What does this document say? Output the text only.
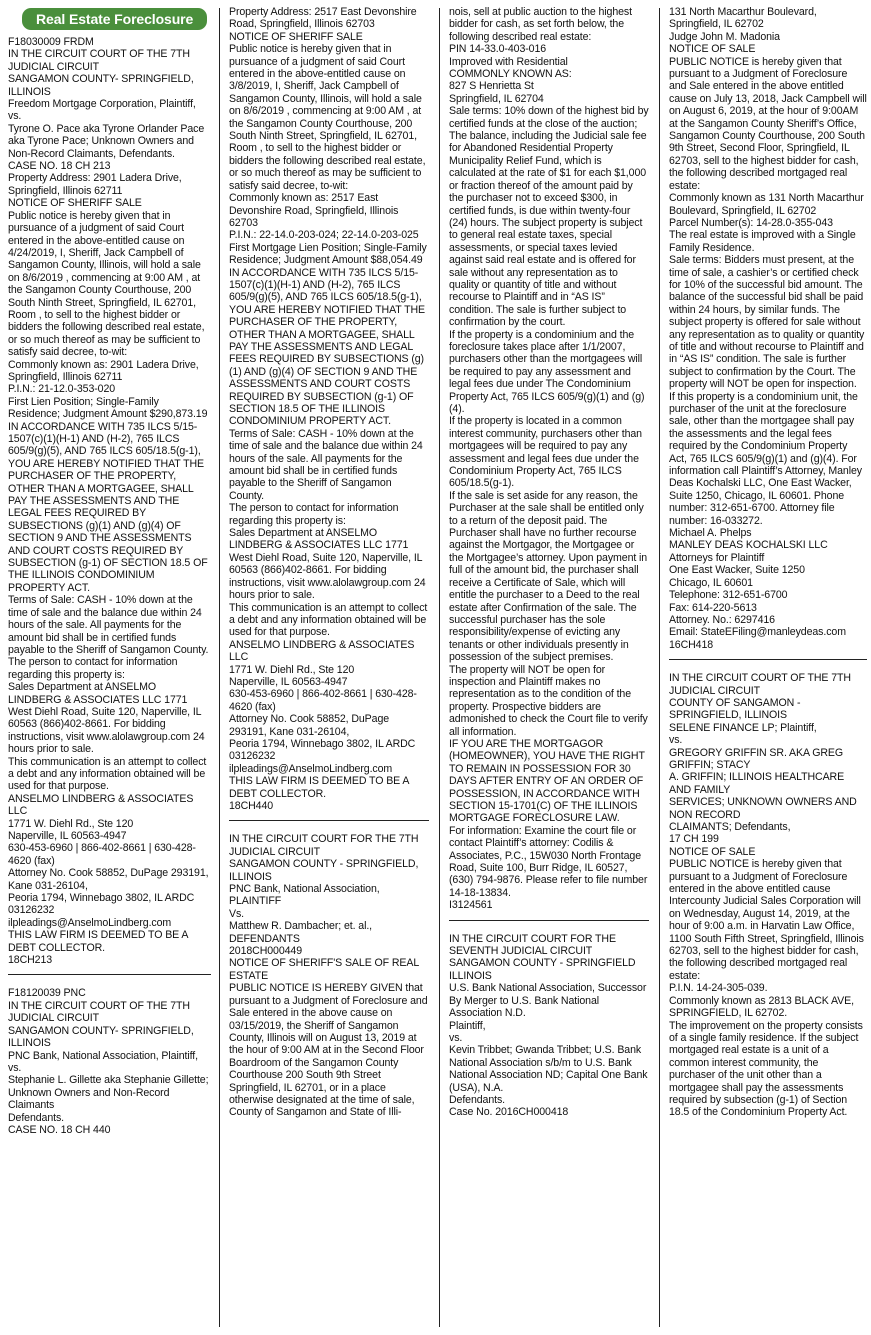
Real Estate Foreclosure

F18030009 FRDM
IN THE CIRCUIT COURT OF THE 7TH JUDICIAL CIRCUIT
SANGAMON COUNTY- SPRINGFIELD, ILLINOIS
Freedom Mortgage Corporation, Plaintiff,
vs.
Tyrone O. Pace aka Tyrone Orlander Pace aka Tyrone Pace; Unknown Owners and Non-Record Claimants, Defendants.
CASE NO. 18 CH 213
Property Address: 2901 Ladera Drive, Springfield, Illinois 62711
NOTICE OF SHERIFF SALE
Public notice is hereby given that in pursuance of a judgment of said Court entered in the above-entitled cause on 4/24/2019, I, Sheriff, Jack Campbell of Sangamon County, Illinois, will hold a sale on 8/6/2019 , commencing at 9:00 AM , at the Sangamon County Courthouse, 200 South Ninth Street, Springfield, IL 62701, Room , to sell to the highest bidder or bidders the following described real estate, or so much thereof as may be sufficient to satisfy said decree, to-wit:
Commonly known as: 2901 Ladera Drive, Springfield, Illinois 62711
P.I.N.: 21-12.0-353-020
First Lien Position; Single-Family Residence; Judgment Amount $290,873.19
IN ACCORDANCE WITH 735 ILCS 5/15-1507(c)(1)(H-1) AND (H-2), 765 ILCS 605/9(g)(5), AND 765 ILCS 605/18.5(g-1), YOU ARE HEREBY NOTIFIED THAT THE PURCHASER OF THE PROPERTY, OTHER THAN A MORTGAGEE, SHALL PAY THE ASSESSMENTS AND THE LEGAL FEES REQUIRED BY SUBSECTIONS (g)(1) AND (g)(4) OF SECTION 9 AND THE ASSESSMENTS AND COURT COSTS REQUIRED BY SUBSECTION (g-1) OF SECTION 18.5 OF THE ILLINOIS CONDOMINIUM PROPERTY ACT.
Terms of Sale: CASH - 10% down at the time of sale and the balance due within 24 hours of the sale. All payments for the amount bid shall be in certified funds payable to the Sheriff of Sangamon County.
The person to contact for information regarding this property is:
Sales Department at ANSELMO LINDBERG & ASSOCIATES LLC 1771 West Diehl Road, Suite 120, Naperville, IL 60563 (866)402-8661. For bidding instructions, visit www.alolawgroup.com 24 hours prior to sale.
This communication is an attempt to collect a debt and any information obtained will be used for that purpose.
ANSELMO LINDBERG & ASSOCIATES LLC
1771 W. Diehl Rd., Ste 120
Naperville, IL 60563-4947
630-453-6960 | 866-402-8661 | 630-428-4620 (fax)
Attorney No. Cook 58852, DuPage 293191, Kane 031-26104,
Peoria 1794, Winnebago 3802, IL ARDC 03126232
ilpleadings@AnselmoLindberg.com
THIS LAW FIRM IS DEEMED TO BE A DEBT COLLECTOR.
18CH213

F18120039 PNC
IN THE CIRCUIT COURT OF THE 7TH JUDICIAL CIRCUIT
SANGAMON COUNTY- SPRINGFIELD, ILLINOIS
PNC Bank, National Association, Plaintiff,
vs.
Stephanie L. Gillette aka Stephanie Gillette; Unknown Owners and Non-Record Claimants
Defendants.
CASE NO. 18 CH 440

Property Address: 2517 East Devonshire Road, Springfield, Illinois 62703
NOTICE OF SHERIFF SALE
Public notice is hereby given that in pursuance of a judgment of said Court entered in the above-entitled cause on 3/8/2019, I, Sheriff, Jack Campbell of Sangamon County, Illinois, will hold a sale on 8/6/2019 , commencing at 9:00 AM , at the Sangamon County Courthouse, 200 South Ninth Street, Springfield, IL 62701, Room , to sell to the highest bidder or bidders the following described real estate, or so much thereof as may be sufficient to satisfy said decree, to-wit:
Commonly known as: 2517 East Devonshire Road, Springfield, Illinois 62703
P.I.N.: 22-14.0-203-024; 22-14.0-203-025
First Mortgage Lien Position; Single-Family Residence; Judgment Amount $88,054.49
IN ACCORDANCE WITH 735 ILCS 5/15-1507(c)(1)(H-1) AND (H-2), 765 ILCS 605/9(g)(5), AND 765 ILCS 605/18.5(g-1), YOU ARE HEREBY NOTIFIED THAT THE PURCHASER OF THE PROPERTY, OTHER THAN A MORTGAGEE, SHALL PAY THE ASSESSMENTS AND LEGAL FEES REQUIRED BY SUBSECTIONS (g)(1) AND (g)(4) OF SECTION 9 AND THE ASSESSMENTS AND COURT COSTS REQUIRED BY SUBSECTION (g-1) OF SECTION 18.5 OF THE ILLINOIS CONDOMINIUM PROPERTY ACT.
Terms of Sale: CASH - 10% down at the time of sale and the balance due within 24 hours of the sale. All payments for the amount bid shall be in certified funds payable to the Sheriff of Sangamon County.
The person to contact for information regarding this property is:
Sales Department at ANSELMO LINDBERG & ASSOCIATES LLC 1771 West Diehl Road, Suite 120, Naperville, IL 60563 (866)402-8661. For bidding instructions, visit www.alolawgroup.com 24 hours prior to sale.
This communication is an attempt to collect a debt and any information obtained will be used for that purpose.
ANSELMO LINDBERG & ASSOCIATES LLC
1771 W. Diehl Rd., Ste 120
Naperville, IL 60563-4947
630-453-6960 | 866-402-8661 | 630-428-4620 (fax)
Attorney No. Cook 58852, DuPage 293191, Kane 031-26104,
Peoria 1794, Winnebago 3802, IL ARDC 03126232
ilpleadings@AnselmoLindberg.com
THIS LAW FIRM IS DEEMED TO BE A DEBT COLLECTOR.
18CH440

IN THE CIRCUIT COURT FOR THE 7TH JUDICIAL CIRCUIT
SANGAMON COUNTY - SPRINGFIELD, ILLINOIS
PNC Bank, National Association, PLAINTIFF
Vs.
Matthew R. Dambacher; et. al., DEFENDANTS
2018CH000449
NOTICE OF SHERIFF'S SALE OF REAL ESTATE
PUBLIC NOTICE IS HEREBY GIVEN that pursuant to a Judgment of Foreclosure and Sale entered in the above cause on 03/15/2019, the Sheriff of Sangamon County, Illinois will on August 13, 2019 at the hour of 9:00 AM at in the Second Floor Boardroom of the Sangamon County Courthouse 200 South 9th Street Springfield, IL 62701, or in a place otherwise designated at the time of sale, County of Sangamon and State of Illi-

nois, sell at public auction to the highest bidder for cash, as set forth below, the following described real estate:
PIN 14-33.0-403-016
Improved with Residential
COMMONLY KNOWN AS:
827 S Henrietta St
Springfield, IL 62704
Sale terms: 10% down of the highest bid by certified funds at the close of the auction; The balance, including the Judicial sale fee for Abandoned Residential Property Municipality Relief Fund, which is calculated at the rate of $1 for each $1,000 or fraction thereof of the amount paid by the purchaser not to exceed $300, in certified funds, is due within twenty-four (24) hours. The subject property is subject to general real estate taxes, special assessments, or special taxes levied against said real estate and is offered for sale without any representation as to quality or quantity of title and without recourse to Plaintiff and in “AS IS” condition. The sale is further subject to confirmation by the court.
If the property is a condominium and the foreclosure takes place after 1/1/2007, purchasers other than the mortgagees will be required to pay any assessment and legal fees due under The Condominium Property Act, 765 ILCS 605/9(g)(1) and (g)(4).
If the property is located in a common interest community, purchasers other than mortgagees will be required to pay any assessment and legal fees due under the Condominium Property Act, 765 ILCS 605/18.5(g-1).
If the sale is set aside for any reason, the Purchaser at the sale shall be entitled only to a return of the deposit paid. The Purchaser shall have no further recourse against the Mortgagor, the Mortgagee or the Mortgagee’s attorney. Upon payment in full of the amount bid, the purchaser shall receive a Certificate of Sale, which will entitle the purchaser to a Deed to the real estate after Confirmation of the sale. The successful purchaser has the sole responsibility/expense of evicting any tenants or other individuals presently in possession of the subject premises.
The property will NOT be open for inspection and Plaintiff makes no representation as to the condition of the property. Prospective bidders are admonished to check the Court file to verify all information.
IF YOU ARE THE MORTGAGOR (HOMEOWNER), YOU HAVE THE RIGHT TO REMAIN IN POSSESSION FOR 30 DAYS AFTER ENTRY OF AN ORDER OF POSSESSION, IN ACCORDANCE WITH SECTION 15-1701(C) OF THE ILLINOIS MORTGAGE FORECLOSURE LAW.
For information: Examine the court file or contact Plaintiff’s attorney: Codilis & Associates, P.C., 15W030 North Frontage Road, Suite 100, Burr Ridge, IL 60527, (630) 794-9876. Please refer to file number 14-18-13834.
I3124561

IN THE CIRCUIT COURT FOR THE SEVENTH JUDICIAL CIRCUIT
SANGAMON COUNTY - SPRINGFIELD ILLINOIS
U.S. Bank National Association, Successor By Merger to U.S. Bank National Association N.D.
Plaintiff,
vs.
Kevin Tribbet; Gwanda Tribbet; U.S. Bank National Association s/b/m to U.S. Bank National Association ND; Capital One Bank (USA), N.A.
Defendants.
Case No. 2016CH000418

131 North Macarthur Boulevard, Springfield, IL 62702
Judge John M. Madonia
NOTICE OF SALE
PUBLIC NOTICE is hereby given that pursuant to a Judgment of Foreclosure and Sale entered in the above entitled cause on July 13, 2018, Jack Campbell will on August 6, 2019, at the hour of 9:00AM at the Sangamon County Sheriff’s Office, Sangamon County Courthouse, 200 South 9th Street, Second Floor, Springfield, IL 62703, sell to the highest bidder for cash, the following described mortgaged real estate:
Commonly known as 131 North Macarthur Boulevard, Springfield, IL 62702
Parcel Number(s): 14-28.0-355-043
The real estate is improved with a Single Family Residence.
Sale terms: Bidders must present, at the time of sale, a cashier’s or certified check for 10% of the successful bid amount. The balance of the successful bid shall be paid within 24 hours, by similar funds. The subject property is offered for sale without any representation as to quality or quantity of title and without recourse to Plaintiff and in “AS IS” condition. The sale is further subject to confirmation by the Court. The property will NOT be open for inspection.
If this property is a condominium unit, the purchaser of the unit at the foreclosure sale, other than the mortgagee shall pay the assessments and the legal fees required by the Condominium Property Act, 765 ILCS 605/9(g)(1) and (g)(4). For information call Plaintiff’s Attorney, Manley Deas Kochalski LLC, One East Wacker, Suite 1250, Chicago, IL 60601. Phone number: 312-651-6700. Attorney file number: 16-033272.
Michael A. Phelps
MANLEY DEAS KOCHALSKI LLC
Attorneys for Plaintiff
One East Wacker, Suite 1250
Chicago, IL 60601
Telephone: 312-651-6700
Fax: 614-220-5613
Attorney. No.: 6297416
Email: StateEFiling@manleydeas.com
16CH418

IN THE CIRCUIT COURT OF THE 7TH JUDICIAL CIRCUIT
COUNTY OF SANGAMON - SPRINGFIELD, ILLINOIS
SELENE FINANCE LP; Plaintiff,
vs.
GREGORY GRIFFIN SR. AKA GREG GRIFFIN; STACY
A. GRIFFIN; ILLINOIS HEALTHCARE AND FAMILY
SERVICES; UNKNOWN OWNERS AND NON RECORD
CLAIMANTS; Defendants,
17 CH 199
NOTICE OF SALE
PUBLIC NOTICE is hereby given that pursuant to a Judgment of Foreclosure entered in the above entitled cause Intercounty Judicial Sales Corporation will on Wednesday, August 14, 2019, at the hour of 9:00 a.m. in Harvatin Law Office, 1100 South Fifth Street, Springfield, Illinois 62703, sell to the highest bidder for cash, the following described mortgaged real estate:
P.I.N. 14-24-305-039.
Commonly known as 2813 BLACK AVE, SPRINGFIELD, IL 62702.
The improvement on the property consists of a single family residence. If the subject mortgaged real estate is a unit of a common interest community, the purchaser of the unit other than a mortgagee shall pay the assessments required by subsection (g-1) of Section 18.5 of the Condominium Property Act.
